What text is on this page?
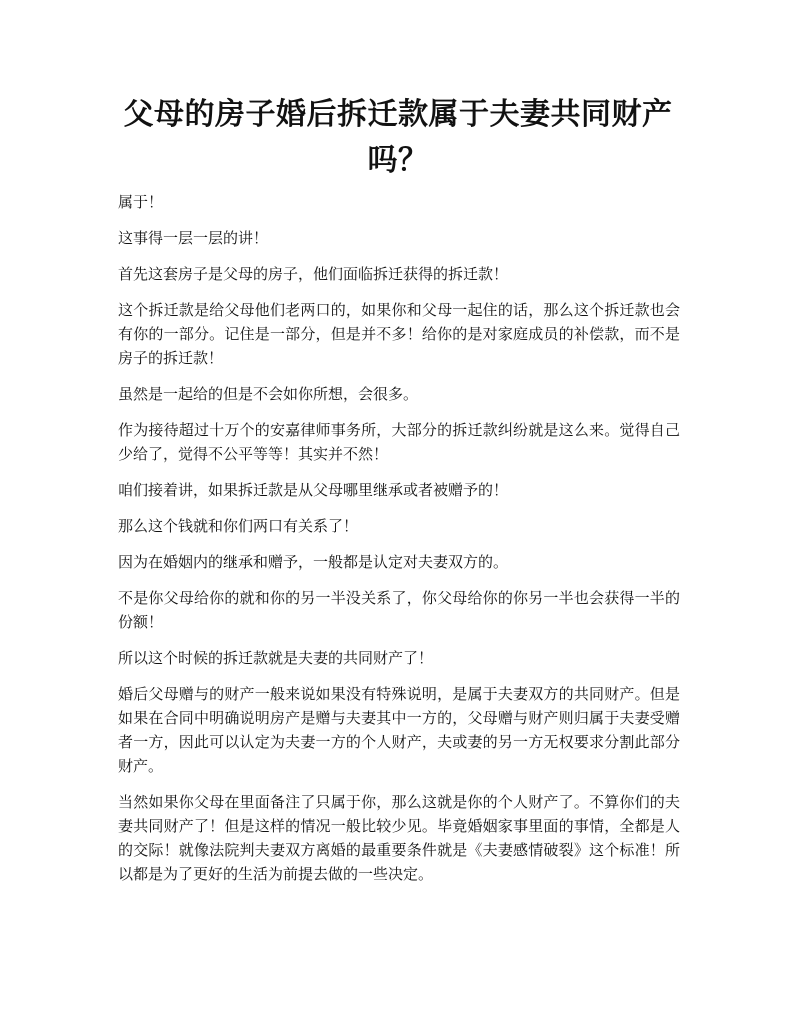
父母的房子婚后拆迁款属于夫妻共同财产吗？

属于！

这事得一层一层的讲！

首先这套房子是父母的房子，他们面临拆迁获得的拆迁款！

这个拆迁款是给父母他们老两口的，如果你和父母一起住的话，那么这个拆迁款也会有你的一部分。记住是一部分，但是并不多！给你的是对家庭成员的补偿款，而不是房子的拆迁款！

虽然是一起给的但是不会如你所想，会很多。

作为接待超过十万个的安嘉律师事务所，大部分的拆迁款纠纷就是这么来。觉得自己少给了，觉得不公平等等！其实并不然！

咱们接着讲，如果拆迁款是从父母哪里继承或者被赠予的！

那么这个钱就和你们两口有关系了！

因为在婚姻内的继承和赠予，一般都是认定对夫妻双方的。

不是你父母给你的就和你的另一半没关系了，你父母给你的你另一半也会获得一半的份额！

所以这个时候的拆迁款就是夫妻的共同财产了！

婚后父母赠与的财产一般来说如果没有特殊说明，是属于夫妻双方的共同财产。但是如果在合同中明确说明房产是赠与夫妻其中一方的，父母赠与财产则归属于夫妻受赠者一方，因此可以认定为夫妻一方的个人财产，夫或妻的另一方无权要求分割此部分财产。

当然如果你父母在里面备注了只属于你，那么这就是你的个人财产了。不算你们的夫妻共同财产了！但是这样的情况一般比较少见。毕竟婚姻家事里面的事情，全都是人的交际！就像法院判夫妻双方离婚的最重要条件就是《夫妻感情破裂》这个标准！所以都是为了更好的生活为前提去做的一些决定。
